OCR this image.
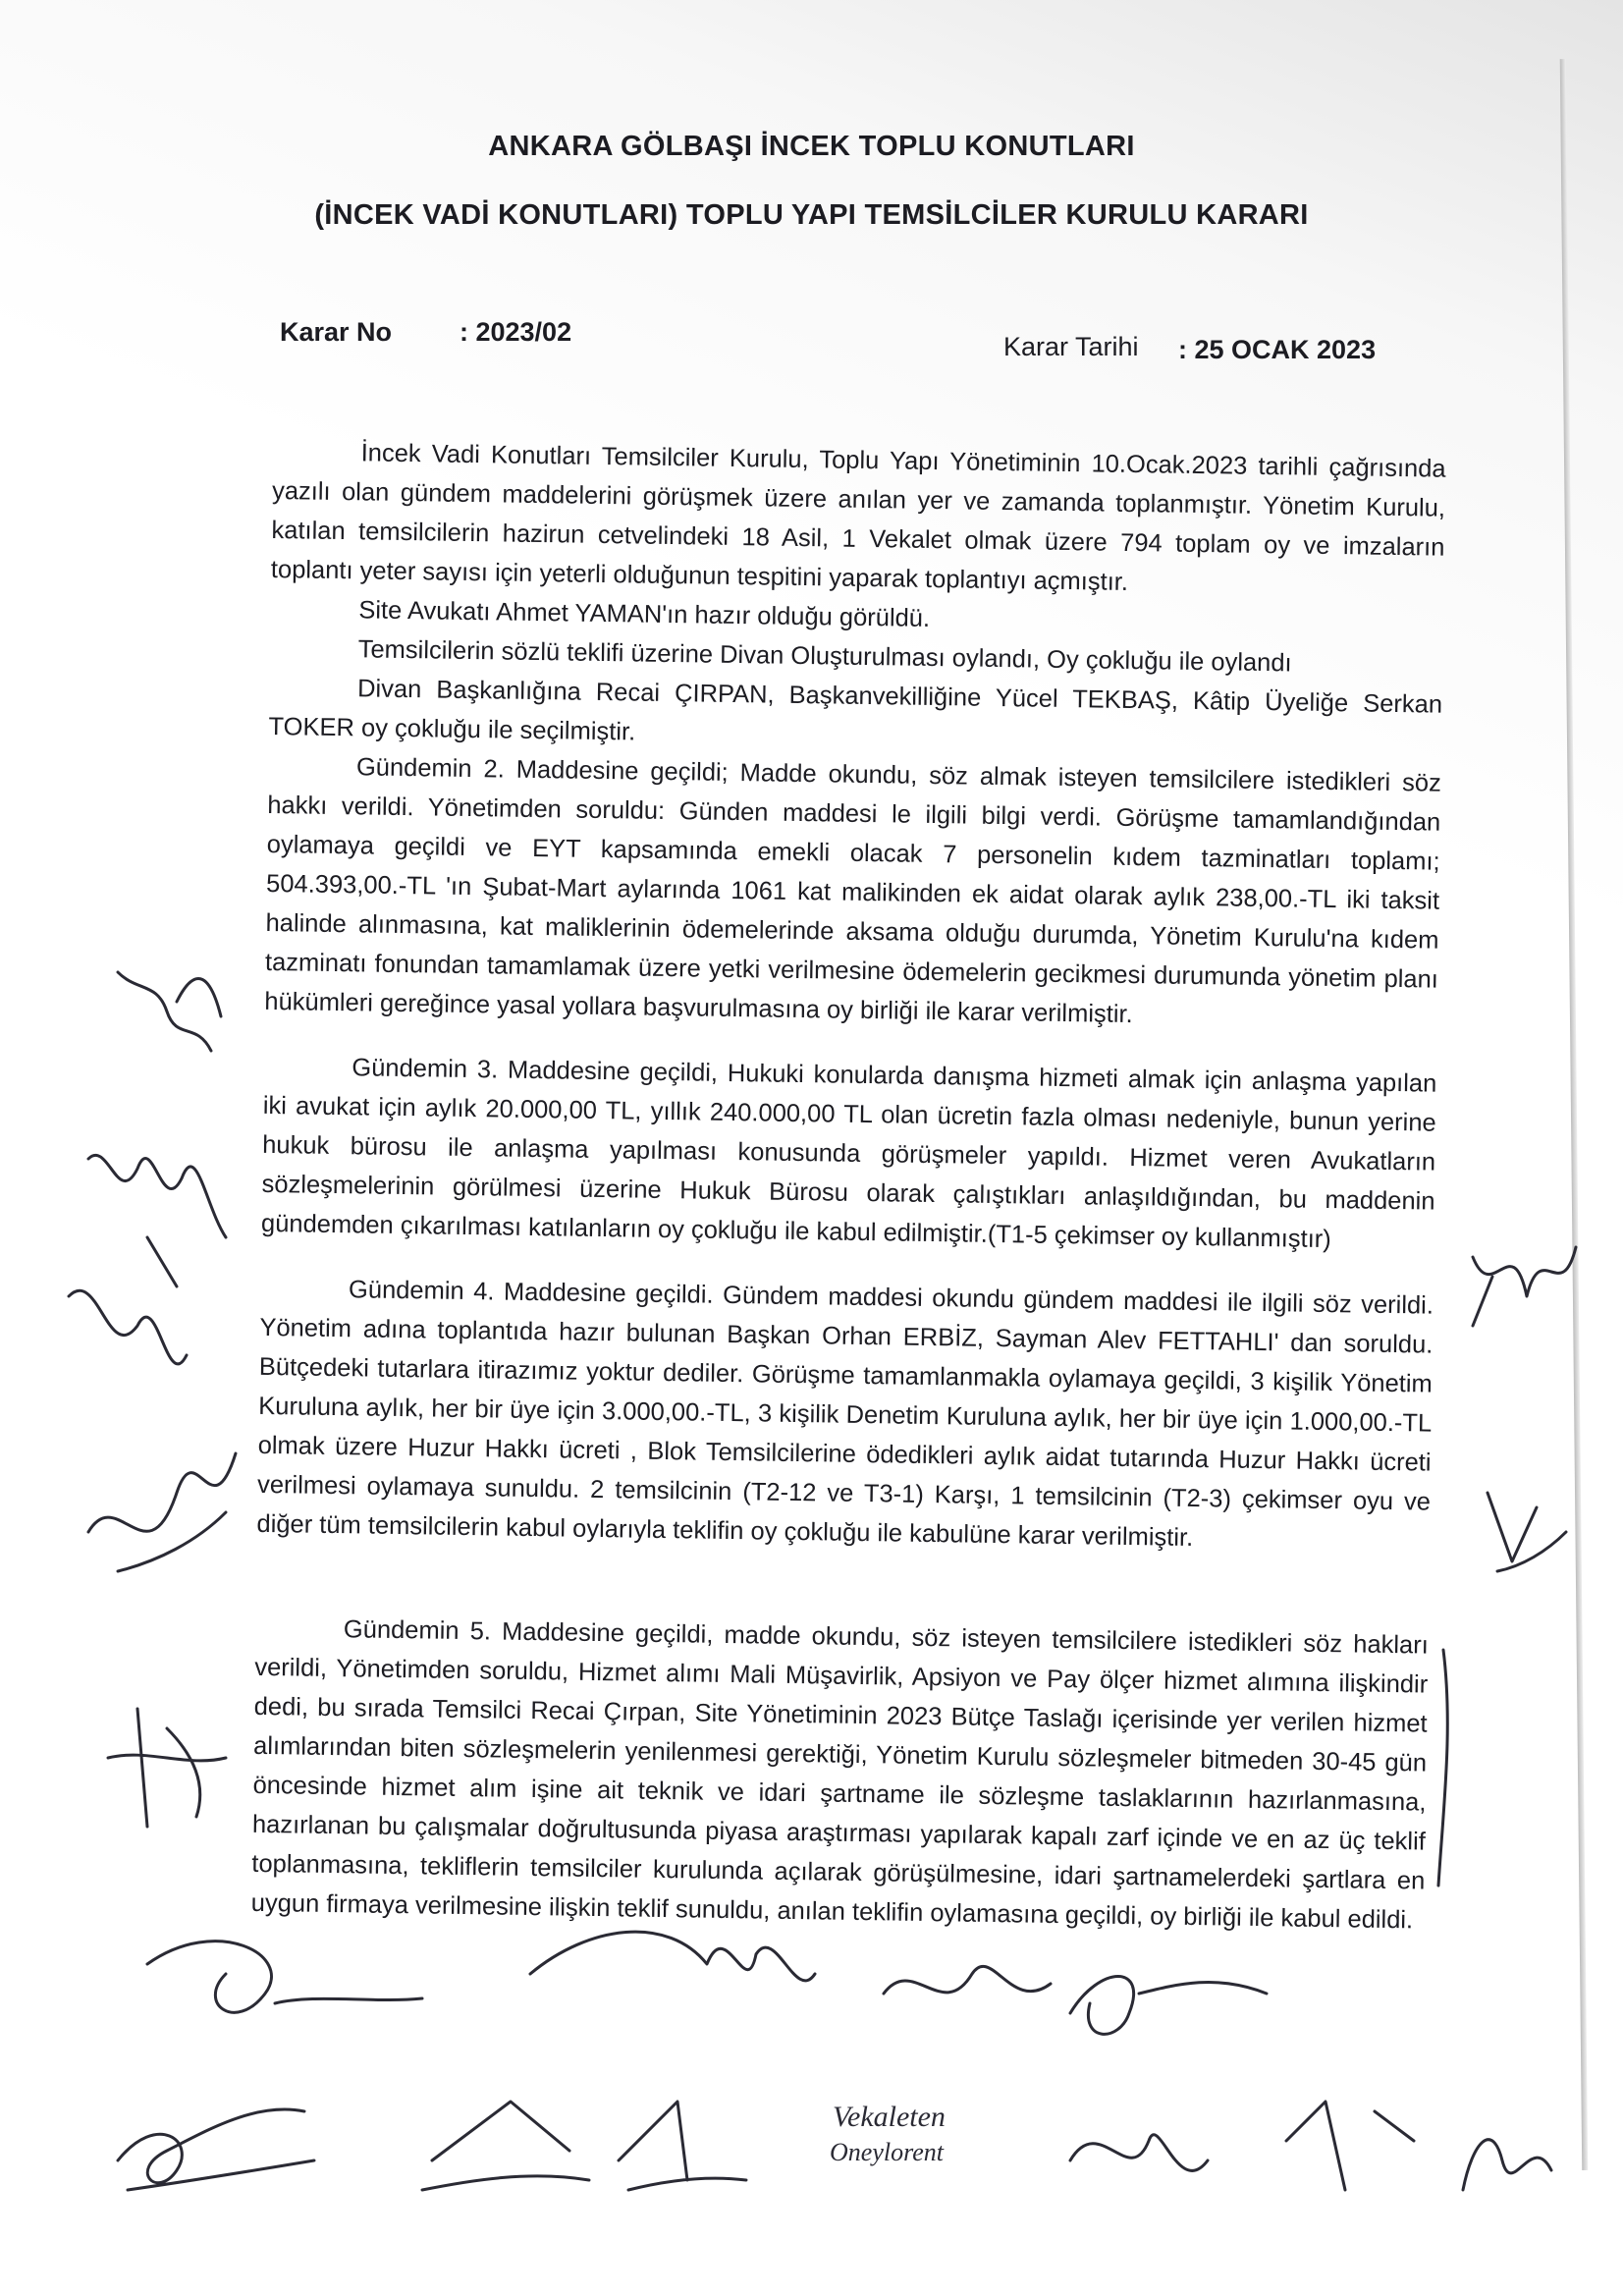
ANKARA GÖLBAŞI İNCEK TOPLU KONUTLARI
(İNCEK VADİ KONUTLARI) TOPLU YAPI TEMSİLCİLER KURULU KARARI
Karar No	: 2023/02	Karar Tarihi : 25 OCAK 2023

İncek Vadi Konutları Temsilciler Kurulu, Toplu Yapı Yönetiminin 10.Ocak.2023 tarihli çağrısında yazılı olan gündem maddelerini görüşmek üzere anılan yer ve zamanda toplanmıştır. Yönetim Kurulu, katılan temsilcilerin hazirun cetvelindeki 18 Asil, 1 Vekalet olmak üzere 794 toplam oy ve imzaların toplantı yeter sayısı için yeterli olduğunun tespitini yaparak toplantıyı açmıştır.

Site Avukatı Ahmet YAMAN'ın hazır olduğu görüldü.

Temsilcilerin sözlü teklifi üzerine Divan Oluşturulması oylandı, Oy çokluğu ile oylandı

Divan Başkanlığına Recai ÇIRPAN, Başkanvekilliğine Yücel TEKBAŞ, Kâtip Üyeliğe Serkan TOKER oy çokluğu ile seçilmiştir.

Gündemin 2. Maddesine geçildi; Madde okundu, söz almak isteyen temsilcilere istedikleri söz hakkı verildi. Yönetimden soruldu: Günden maddesi le ilgili bilgi verdi. Görüşme tamamlandığından oylamaya geçildi ve EYT kapsamında emekli olacak 7 personelin kıdem tazminatları toplamı; 504.393,00.-TL 'ın Şubat-Mart aylarında 1061 kat malikinden ek aidat olarak aylık 238,00.-TL iki taksit halinde alınmasına, kat maliklerinin ödemelerinde aksama olduğu durumda, Yönetim Kurulu'na kıdem tazminatı fonundan tamamlamak üzere yetki verilmesine ödemelerin gecikmesi durumunda yönetim planı hükümleri gereğince yasal yollara başvurulmasına oy birliği ile karar verilmiştir.

Gündemin 3. Maddesine geçildi, Hukuki konularda danışma hizmeti almak için anlaşma yapılan iki avukat için aylık 20.000,00 TL, yıllık 240.000,00 TL olan ücretin fazla olması nedeniyle, bunun yerine hukuk bürosu ile anlaşma yapılması konusunda görüşmeler yapıldı. Hizmet veren Avukatların sözleşmelerinin görülmesi üzerine Hukuk Bürosu olarak çalıştıkları anlaşıldığından, bu maddenin gündemden çıkarılması katılanların oy çokluğu ile kabul edilmiştir.(T1-5 çekimser oy kullanmıştır)

Gündemin 4. Maddesine geçildi. Gündem maddesi okundu gündem maddesi ile ilgili söz verildi. Yönetim adına toplantıda hazır bulunan Başkan Orhan ERBİZ, Sayman Alev FETTAHLI' dan soruldu. Bütçedeki tutarlara itirazımız yoktur dediler. Görüşme tamamlanmakla oylamaya geçildi, 3 kişilik Yönetim Kuruluna aylık, her bir üye için 3.000,00.-TL, 3 kişilik Denetim Kuruluna aylık, her bir üye için 1.000,00.-TL olmak üzere Huzur Hakkı ücreti , Blok Temsilcilerine ödedikleri aylık aidat tutarında Huzur Hakkı ücreti verilmesi oylamaya sunuldu. 2 temsilcinin (T2-12 ve T3-1) Karşı, 1 temsilcinin (T2-3) çekimser oyu ve diğer tüm temsilcilerin kabul oylarıyla teklifin oy çokluğu ile kabulüne karar verilmiştir.

Gündemin 5. Maddesine geçildi, madde okundu, söz isteyen temsilcilere istedikleri söz hakları verildi, Yönetimden soruldu, Hizmet alımı Mali Müşavirlik, Apsiyon ve Pay ölçer hizmet alımına ilişkindir dedi, bu sırada Temsilci Recai Çırpan, Site Yönetiminin 2023 Bütçe Taslağı içerisinde yer verilen hizmet alımlarından biten sözleşmelerin yenilenmesi gerektiği, Yönetim Kurulu sözleşmeler bitmeden 30-45 gün öncesinde hizmet alım işine ait teknik ve idari şartname ile sözleşme taslaklarının hazırlanmasına, hazırlanan bu çalışmalar doğrultusunda piyasa araştırması yapılarak kapalı zarf içinde ve en az üç teklif toplanmasına, tekliflerin temsilciler kurulunda açılarak görüşülmesine, idari şartnamelerdeki şartlara en uygun firmaya verilmesine ilişkin teklif sunuldu, anılan teklifin oylamasına geçildi, oy birliği ile kabul edildi.

Vekaleten
Oneylorent
